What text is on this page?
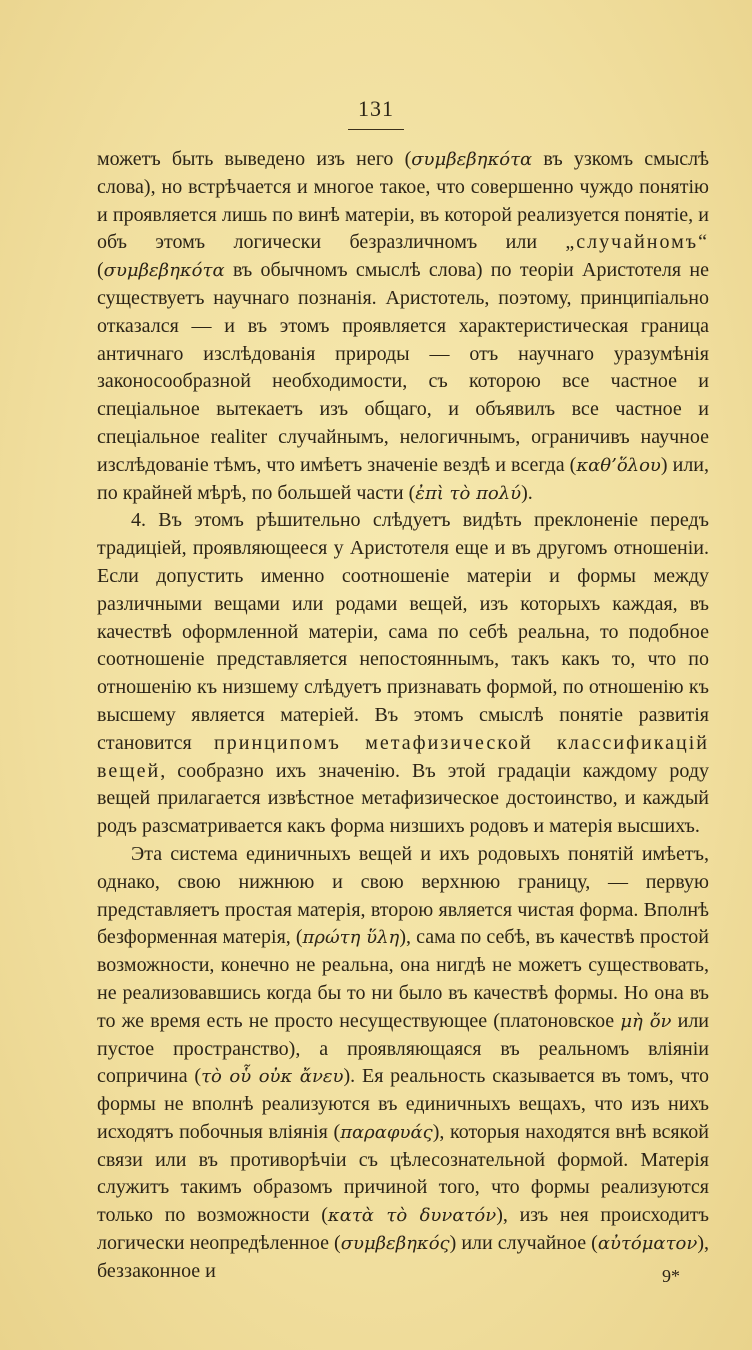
131

можетъ быть выведено изъ него (συμβεβηκότα въ узкомъ смыслѣ слова), но встрѣчается и многое такое, что совершенно чуждо понятію и проявляется лишь по винѣ матеріи, въ которой реализуется понятіе, и объ этомъ логически безразличномъ или „случайномъ“ (συμβεβηκότα въ обычномъ смыслѣ слова) по теоріи Аристотеля не существуетъ научнаго познанія. Аристотель, поэтому, принципіально отказался — и въ этомъ проявляется характеристическая граница античнаго изслѣдованія природы — отъ научнаго уразумѣнія законосообразной необходимости, съ которою все частное и спеціальное вытекаетъ изъ общаго, и объявилъ все частное и спеціальное realiter случайнымъ, нелогичнымъ, ограничивъ научное изслѣдованіе тѣмъ, что имѣетъ значеніе вездѣ и всегда (καθ’ὅλου) или, по крайней мѣрѣ, по большей части (ἐπὶ τὸ πολύ).

4. Въ этомъ рѣшительно слѣдуетъ видѣть преклоненіе передъ традиціей, проявляющееся у Аристотеля еще и въ другомъ отношеніи. Если допустить именно соотношеніе матеріи и формы между различными вещами или родами вещей, изъ которыхъ каждая, въ качествѣ оформленной матеріи, сама по себѣ реальна, то подобное соотношеніе представляется непостояннымъ, такъ какъ то, что по отношенію къ низшему слѣдуетъ признавать формой, по отношенію къ высшему является матеріей. Въ этомъ смыслѣ понятіе развитія становится принципомъ метафизической классификацій вещей, сообразно ихъ значенію. Въ этой градаціи каждому роду вещей прилагается извѣстное метафизическое достоинство, и каждый родъ разсматривается какъ форма низшихъ родовъ и матерія высшихъ.

Эта система единичныхъ вещей и ихъ родовыхъ понятій имѣетъ, однако, свою нижнюю и свою верхнюю границу, — первую представляетъ простая матерія, второю является чистая форма. Вполнѣ безформенная матерія, (πρώτη ὕλη), сама по себѣ, въ качествѣ простой возможности, конечно не реальна, она нигдѣ не можетъ существовать, не реализовавшись когда бы то ни было въ качествѣ формы. Но она въ то же время есть не просто несуществующее (платоновское μὴ ὄν или пустое пространство), а проявляющаяся въ реальномъ вліяніи сопричина (τὸ οὗ οὐκ ἄνευ). Ея реальность сказывается въ томъ, что формы не вполнѣ реализуются въ единичныхъ вещахъ, что изъ нихъ исходятъ побочныя вліянія (παραφυάς), которыя находятся внѣ всякой связи или въ противорѣчіи съ цѣлесознательной формой. Матерія служитъ такимъ образомъ причиной того, что формы реализуются только по возможности (κατὰ τὸ δυνατόν), изъ нея происходитъ логически неопредѣленное (συμβεβηκός) или случайное (αὐτόματον), беззаконное и	9*
